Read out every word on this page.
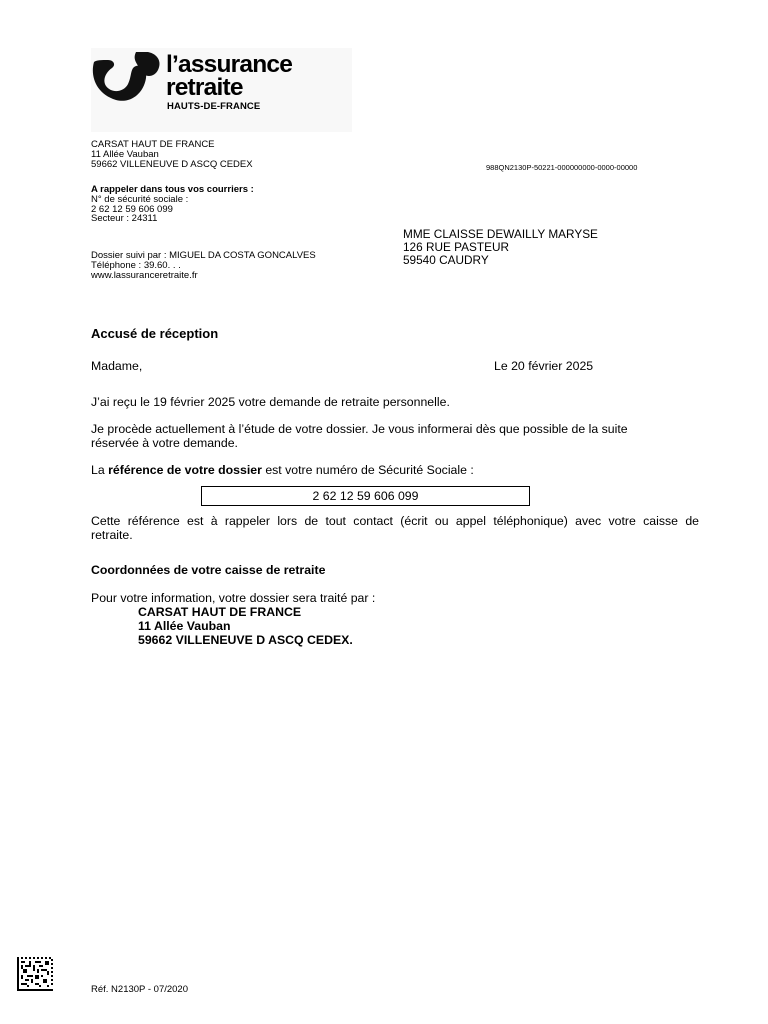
l’assurance
retraite
HAUTS-DE-FRANCE
CARSAT HAUT DE FRANCE
11 Allée Vauban
59662 VILLENEUVE D ASCQ CEDEX	988QN2130P-50221-000000000-0000-00000
A rappeler dans tous vos courriers :
N° de sécurité sociale :
2 62 12 59 606 099
Secteur : 24311
Dossier suivi par : MIGUEL DA COSTA GONCALVES
Téléphone : 39.60. . .
www.lassuranceretraite.fr
MME CLAISSE DEWAILLY MARYSE
126 RUE PASTEUR
59540 CAUDRY
Accusé de réception
Madame,	Le 20 février 2025
J’ai reçu le 19 février 2025 votre demande de retraite personnelle.
Je procède actuellement à l’étude de votre dossier. Je vous informerai dès que possible de la suite
réservée à votre demande.
La référence de votre dossier est votre numéro de Sécurité Sociale :
2 62 12 59 606 099
Cette référence est à rappeler lors de tout contact (écrit ou appel téléphonique) avec votre caisse de
retraite.
Coordonnées de votre caisse de retraite
Pour votre information, votre dossier sera traité par :
CARSAT HAUT DE FRANCE
11 Allée Vauban
59662 VILLENEUVE D ASCQ CEDEX.
Réf. N2130P - 07/2020
